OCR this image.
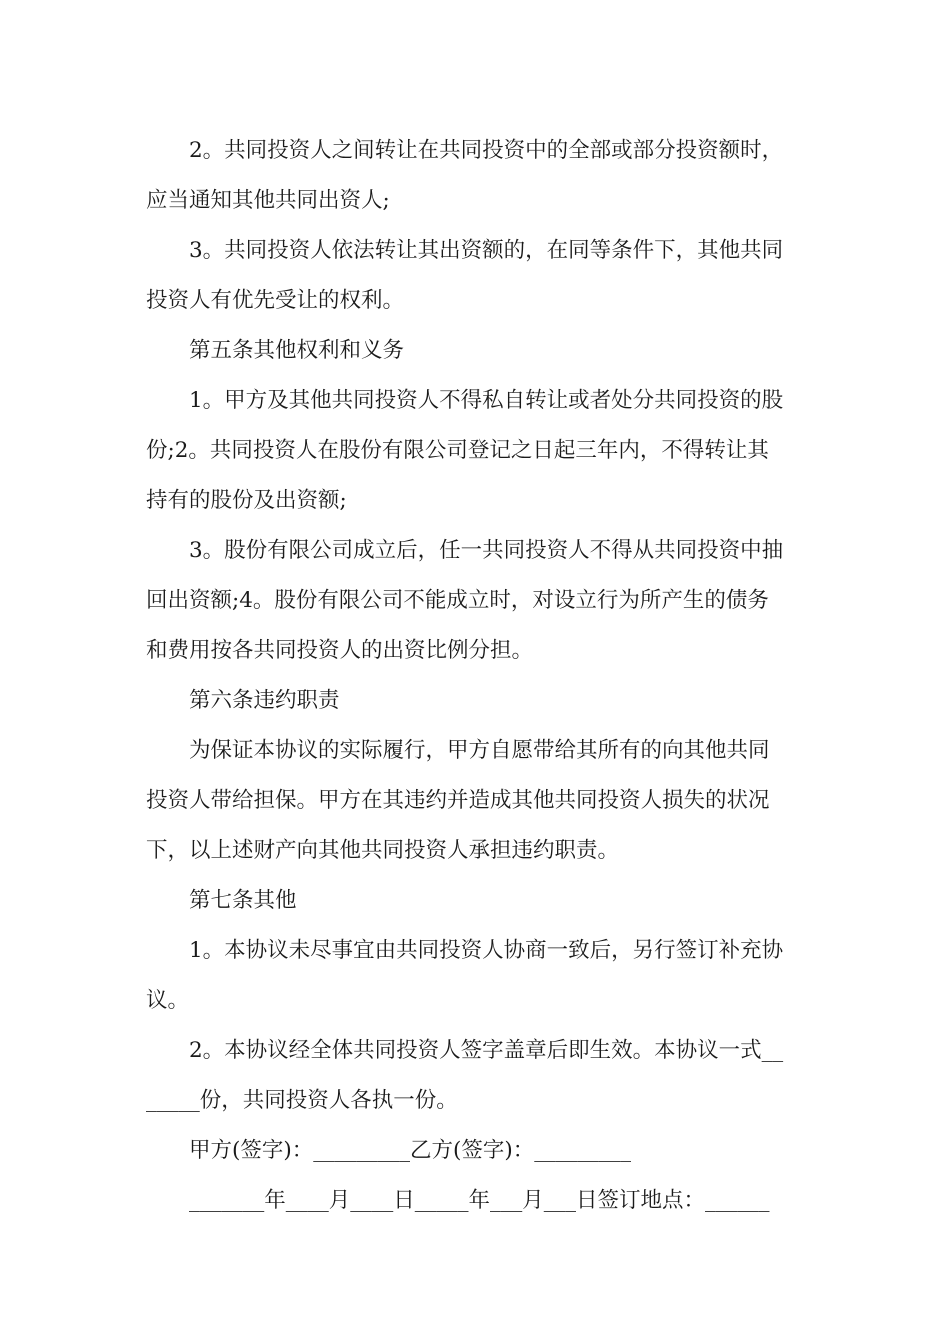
2。共同投资人之间转让在共同投资中的全部或部分投资额时，
应当通知其他共同出资人;
3。共同投资人依法转让其出资额的，在同等条件下，其他共同
投资人有优先受让的权利。
第五条其他权利和义务
1。甲方及其他共同投资人不得私自转让或者处分共同投资的股
份;2。共同投资人在股份有限公司登记之日起三年内，不得转让其
持有的股份及出资额;
3。股份有限公司成立后，任一共同投资人不得从共同投资中抽
回出资额;4。股份有限公司不能成立时，对设立行为所产生的债务
和费用按各共同投资人的出资比例分担。
第六条违约职责
为保证本协议的实际履行，甲方自愿带给其所有的向其他共同
投资人带给担保。甲方在其违约并造成其他共同投资人损失的状况
下，以上述财产向其他共同投资人承担违约职责。
第七条其他
1。本协议未尽事宜由共同投资人协商一致后，另行签订补充协
议。
2。本协议经全体共同投资人签字盖章后即生效。本协议一式__
_____份，共同投资人各执一份。
甲方(签字)：_________乙方(签字)：_________
_______年____月____日_____年___月___日签订地点：______
